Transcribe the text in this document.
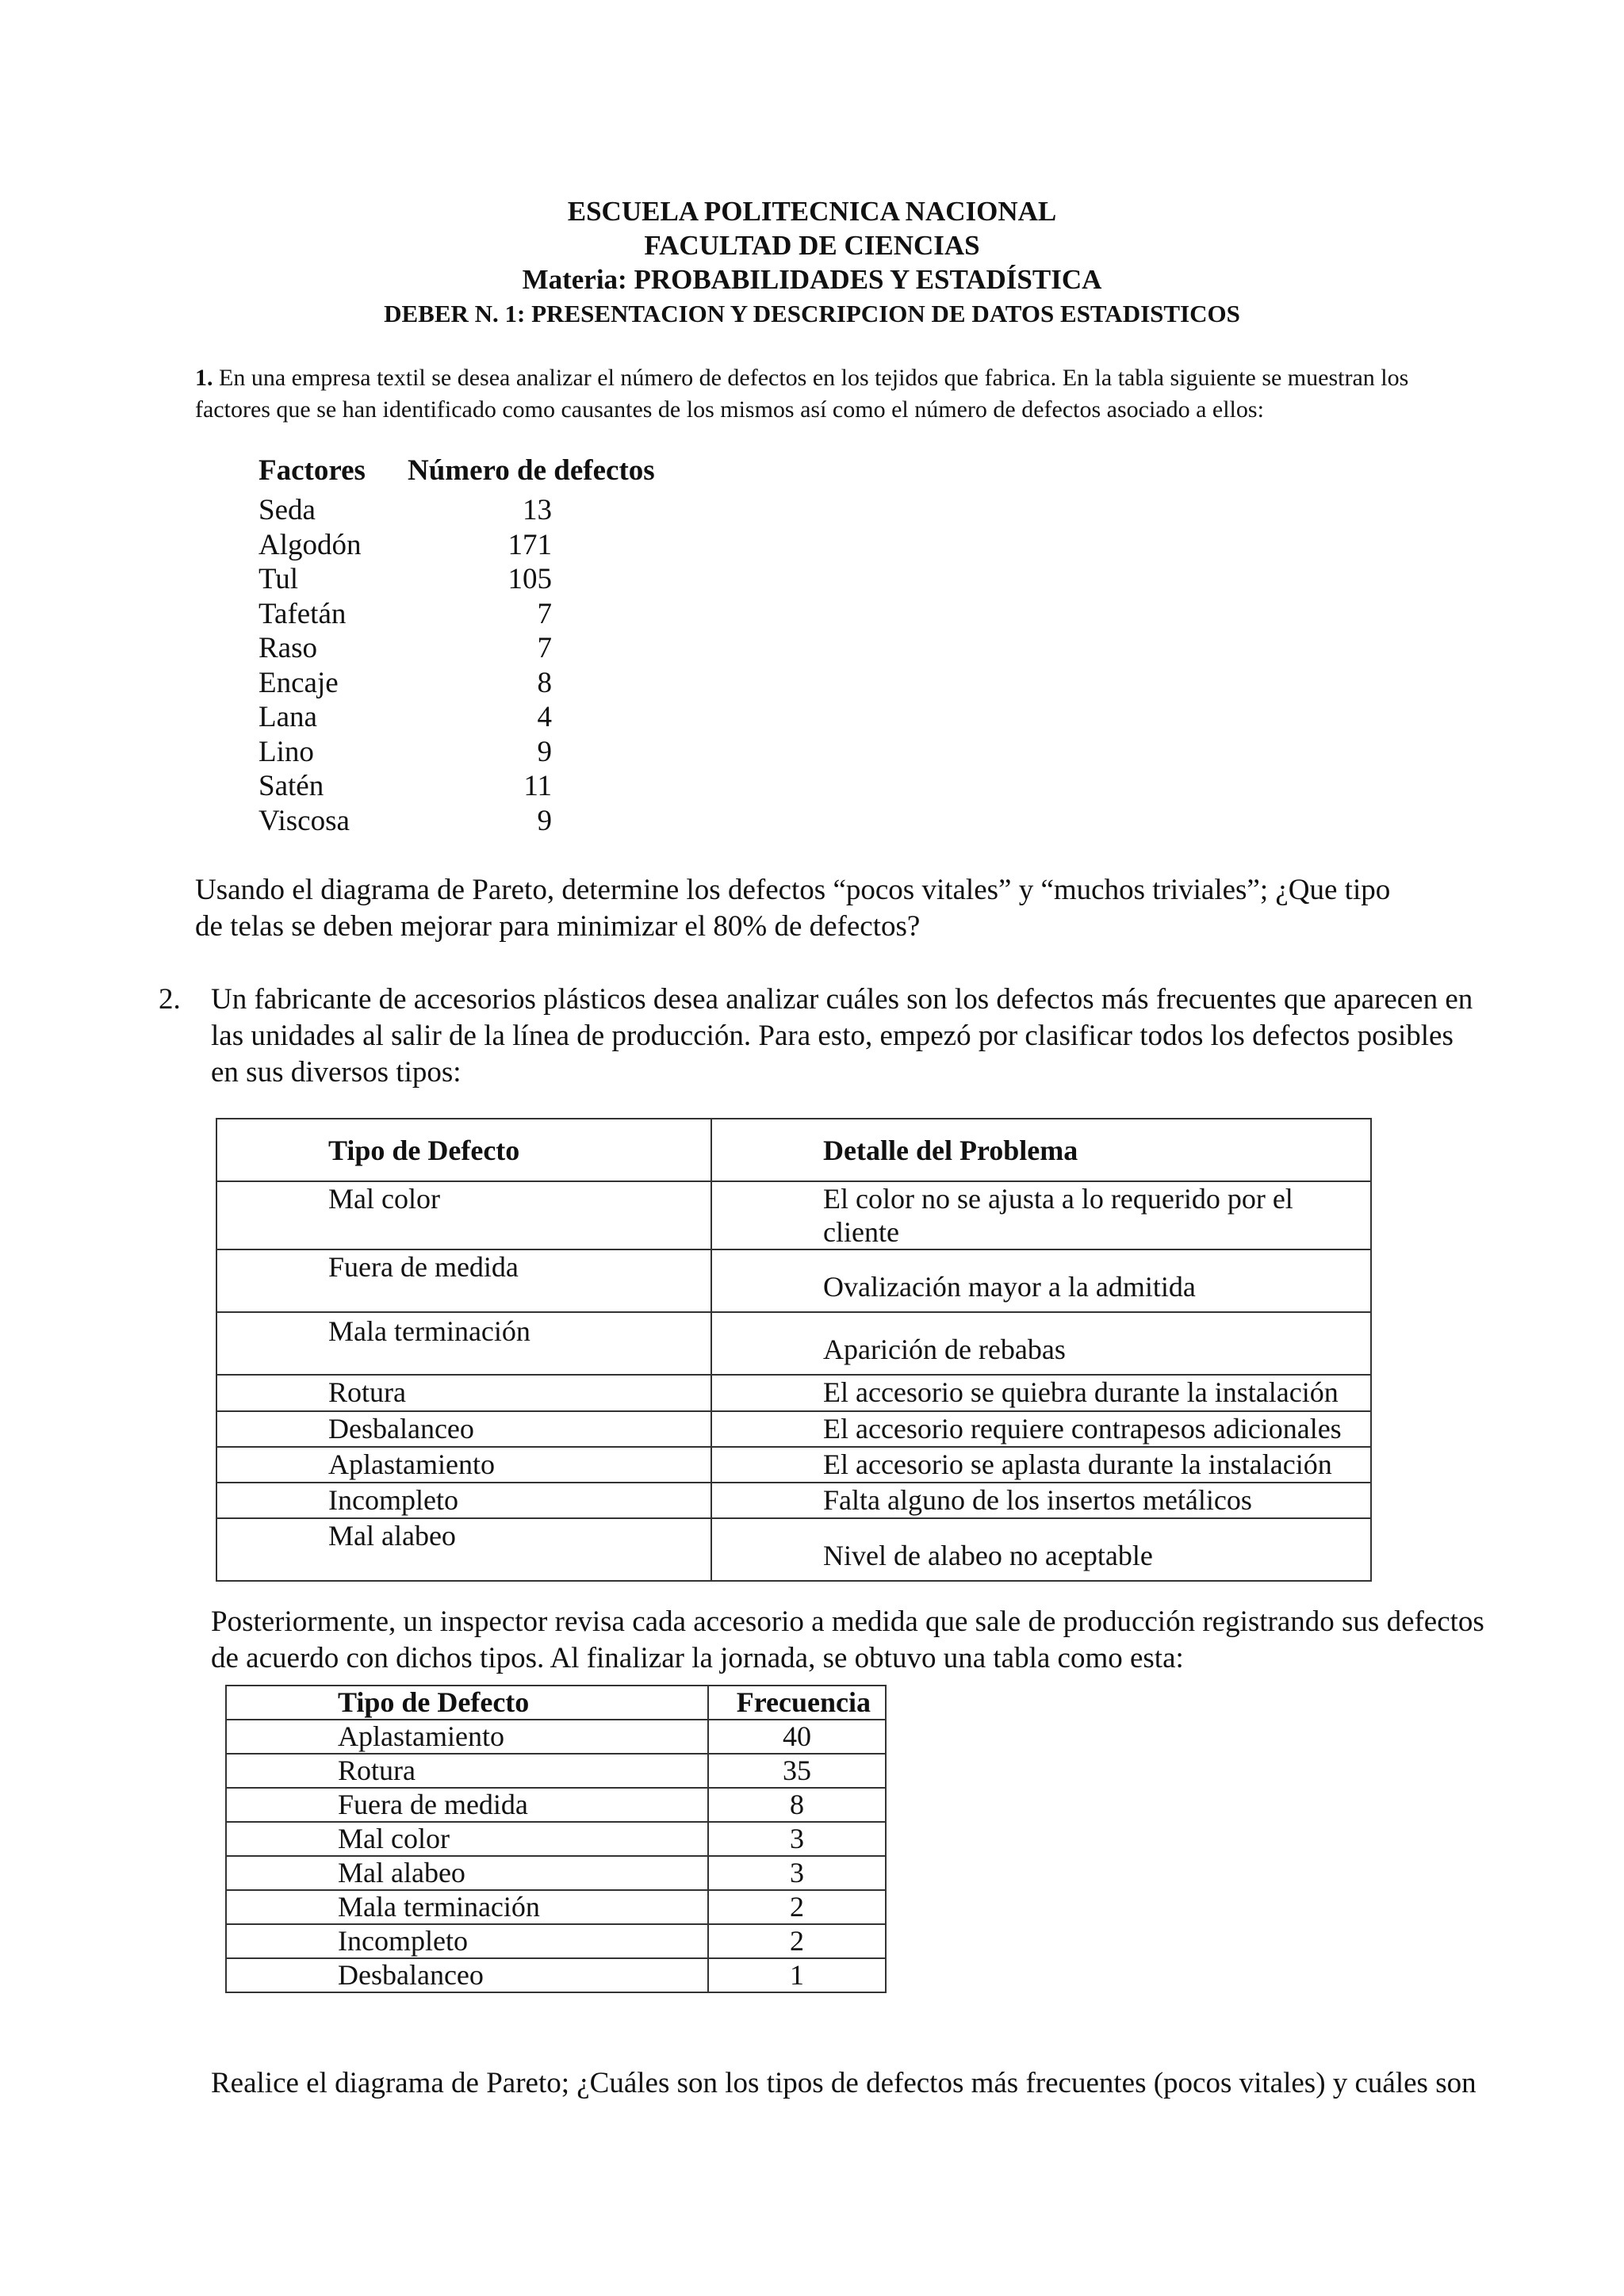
ESCUELA POLITECNICA NACIONAL
FACULTAD DE CIENCIAS
Materia: PROBABILIDADES Y ESTADÍSTICA
DEBER N. 1: PRESENTACION Y DESCRIPCION DE DATOS ESTADISTICOS
1. En una empresa textil se desea analizar el número de defectos en los tejidos que fabrica. En la tabla siguiente se muestran los factores que se han identificado como causantes de los mismos así como el número de defectos asociado a ellos:
Factores Número de defectos
Seda	13
Algodón	171
Tul	105
Tafetán	7
Raso	7
Encaje	8
Lana	4
Lino	9
Satén	11
Viscosa	9
Usando el diagrama de Pareto, determine los defectos “pocos vitales” y “muchos triviales”; ¿Que tipo
de telas se deben mejorar para minimizar el 80% de defectos?
2. Un fabricante de accesorios plásticos desea analizar cuáles son los defectos más frecuentes que aparecen en
las unidades al salir de la línea de producción. Para esto, empezó por clasificar todos los defectos posibles
en sus diversos tipos:
Tipo de Defecto	Detalle del Problema
Mal color	El color no se ajusta a lo requerido por el cliente
Fuera de medida	Ovalización mayor a la admitida
Mala terminación	Aparición de rebabas
Rotura	El accesorio se quiebra durante la instalación
Desbalanceo	El accesorio requiere contrapesos adicionales
Aplastamiento	El accesorio se aplasta durante la instalación
Incompleto	Falta alguno de los insertos metálicos
Mal alabeo	Nivel de alabeo no aceptable
Posteriormente, un inspector revisa cada accesorio a medida que sale de producción registrando sus defectos
de acuerdo con dichos tipos. Al finalizar la jornada, se obtuvo una tabla como esta:
Tipo de Defecto	Frecuencia
Aplastamiento	40
Rotura	35
Fuera de medida	8
Mal color	3
Mal alabeo	3
Mala terminación	2
Incompleto	2
Desbalanceo	1
Realice el diagrama de Pareto; ¿Cuáles son los tipos de defectos más frecuentes (pocos vitales) y cuáles son
